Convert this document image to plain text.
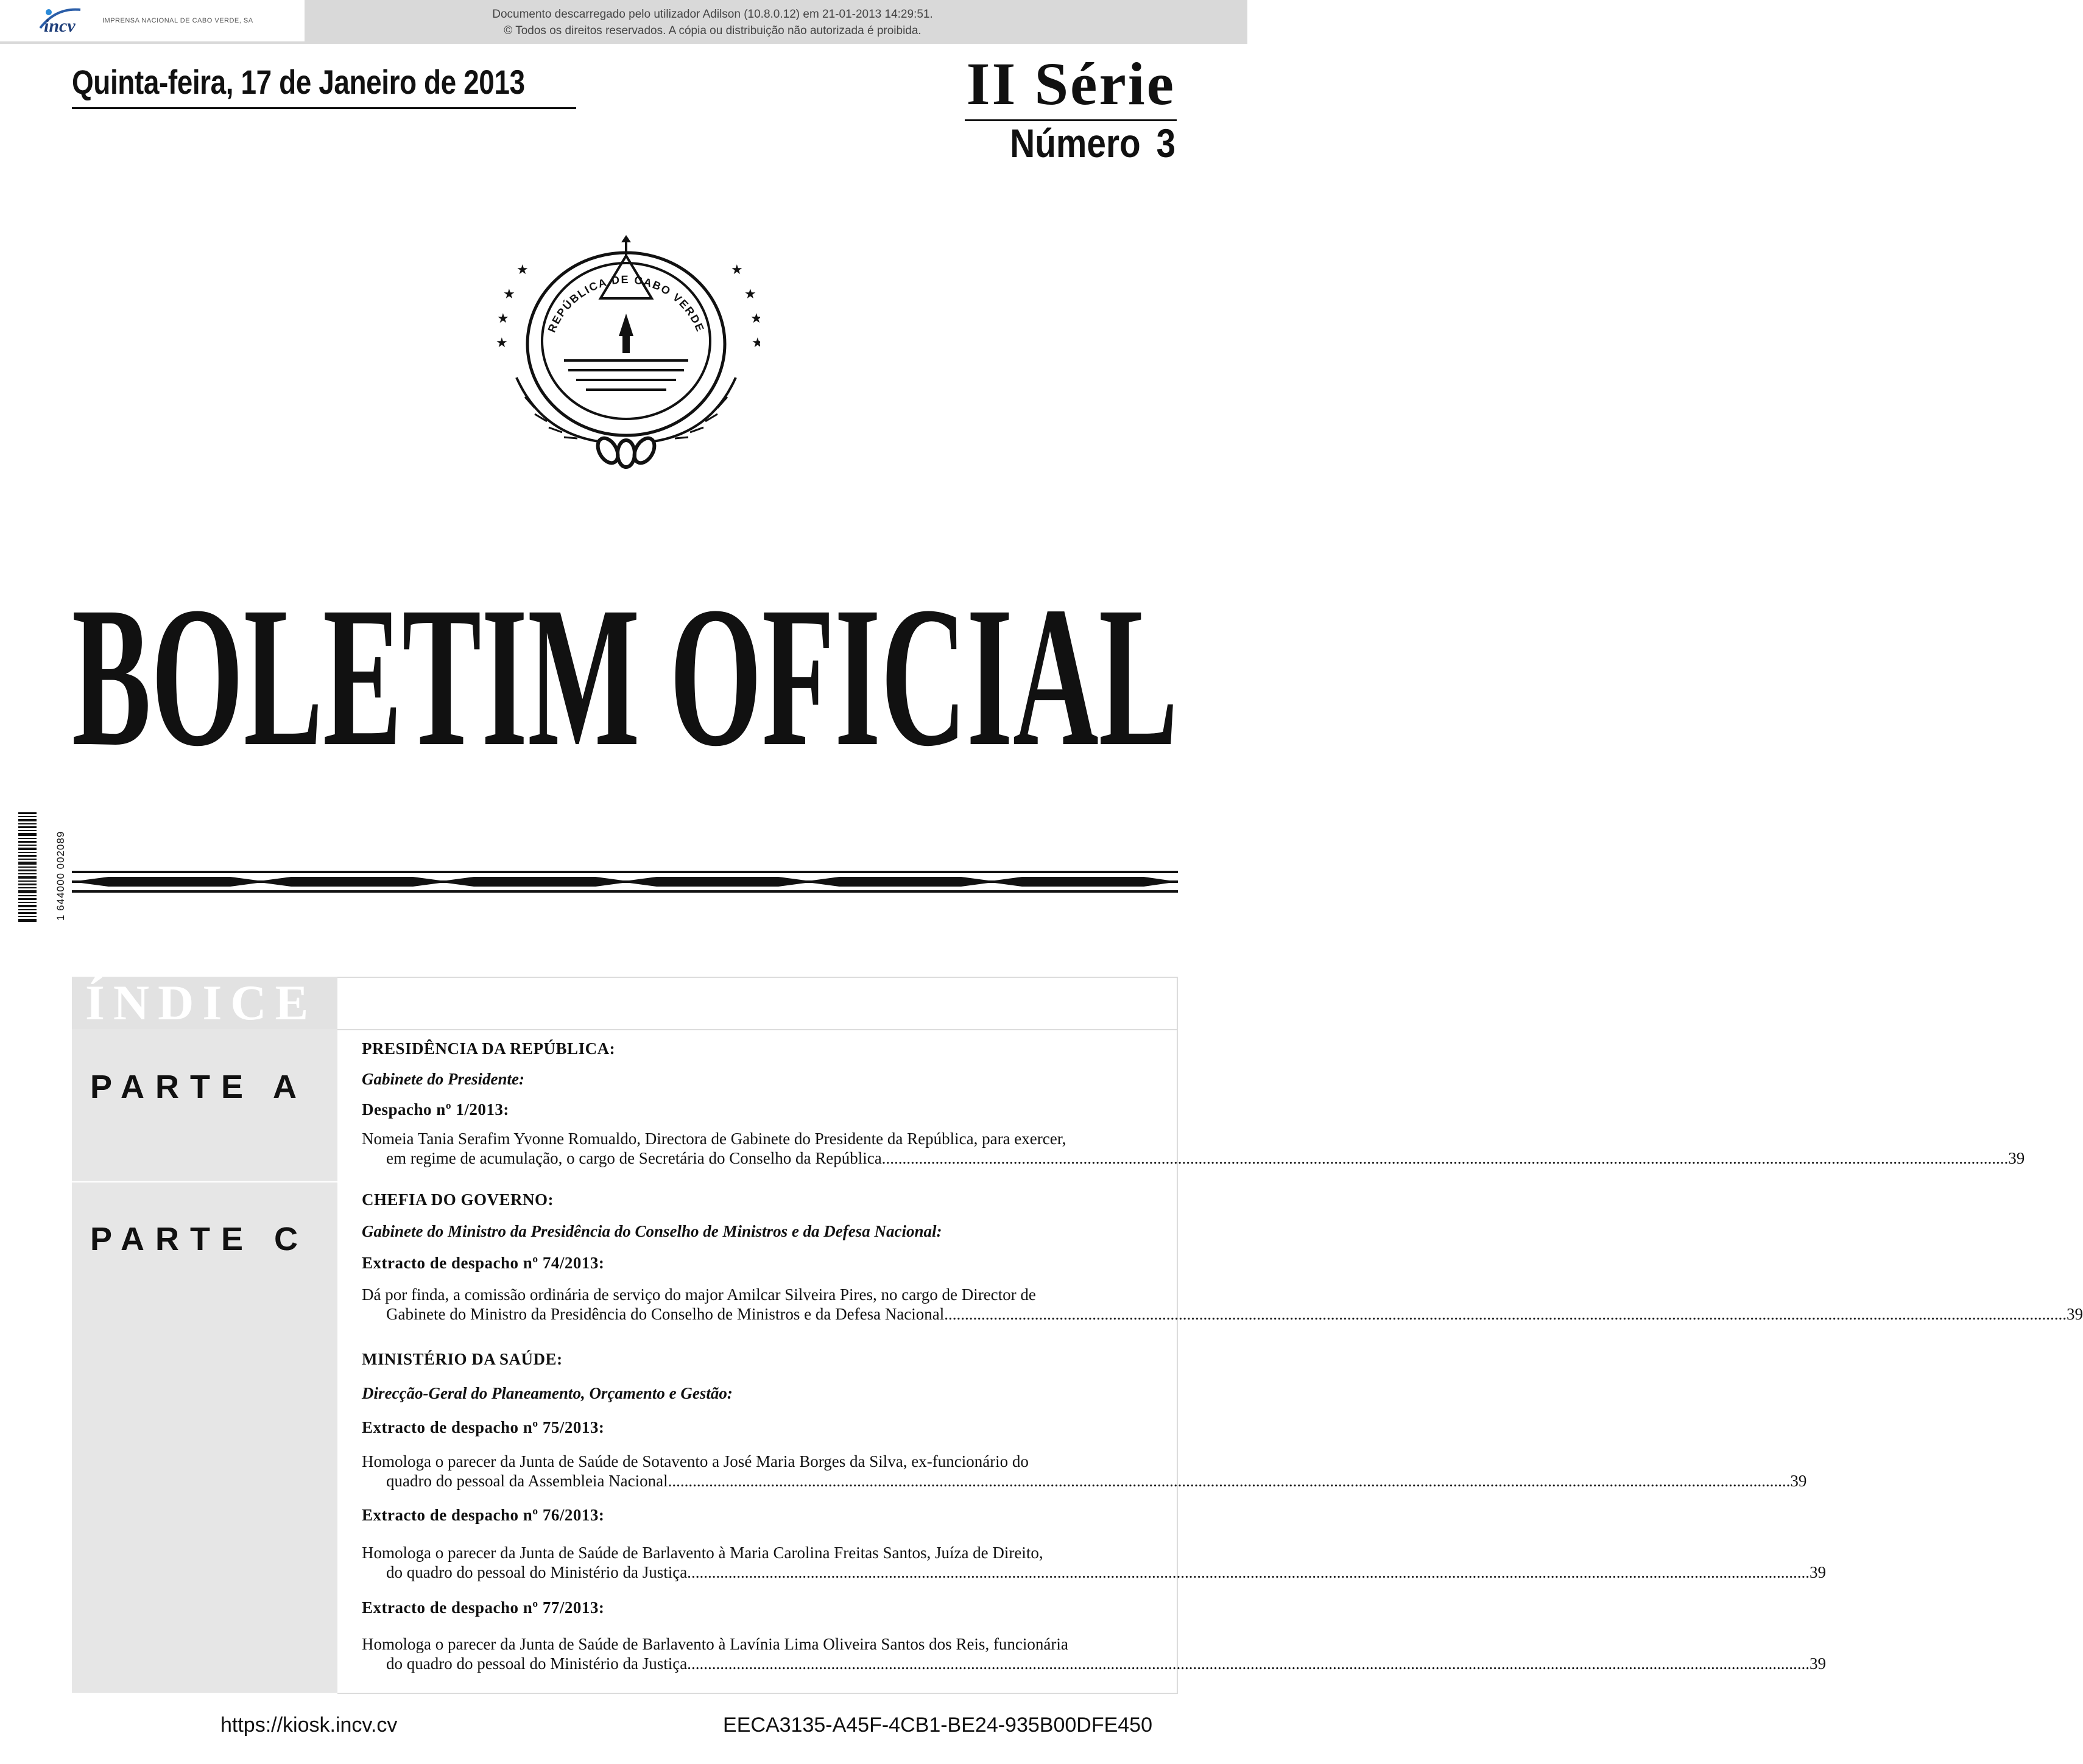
incv	IMPRENSA NACIONAL DE CABO VERDE, SA	Documento descarregado pelo utilizador Adilson (10.8.0.12) em 21-01-2013 14:29:51.
© Todos os direitos reservados. A cópia ou distribuição não autorizada é proibida.
Quinta-feira, 17 de Janeiro de 2013	II Série
Número 3
REPÚBLICA DE CABO VERDE
★
★
★
★
★
★
★
★
BOLETIM OFICIAL
1 644000 002089
ÍNDICE
PARTE A
PARTE C
PRESIDÊNCIA DA REPÚBLICA:
Gabinete do Presidente:
Despacho nº 1/2013:
Nomeia Tania Serafim Yvonne Romualdo, Directora de Gabinete do Presidente da República, para exercer,
em regime de acumulação, o cargo de Secretária do Conselho da República.. .....	39
CHEFIA DO GOVERNO:
Gabinete do Ministro da Presidência do Conselho de Ministros e da Defesa Nacional:
Extracto de despacho nº 74/2013:
Dá por finda, a comissão ordinária de serviço do major Amilcar Silveira Pires, no cargo de Director de
Gabinete do Ministro da Presidência do Conselho de Ministros e da Defesa Nacional. .....	39
MINISTÉRIO DA SAÚDE:
Direcção-Geral do Planeamento, Orçamento e Gestão:
Extracto de despacho nº 75/2013:
Homologa o parecer da Junta de Saúde de Sotavento a José Maria Borges da Silva, ex-funcionário do
quadro do pessoal da Assembleia Nacional. .....	39
Extracto de despacho nº 76/2013:
Homologa o parecer da Junta de Saúde de Barlavento à Maria Carolina Freitas Santos, Juíza de Direito,
do quadro do pessoal do Ministério da Justiça. .....	39
Extracto de despacho nº 77/2013:
Homologa o parecer da Junta de Saúde de Barlavento à Lavínia Lima Oliveira Santos dos Reis, funcionária
do quadro do pessoal do Ministério da Justiça. .....	39
https://kiosk.incv.cv	EECA3135-A45F-4CB1-BE24-935B00DFE450
